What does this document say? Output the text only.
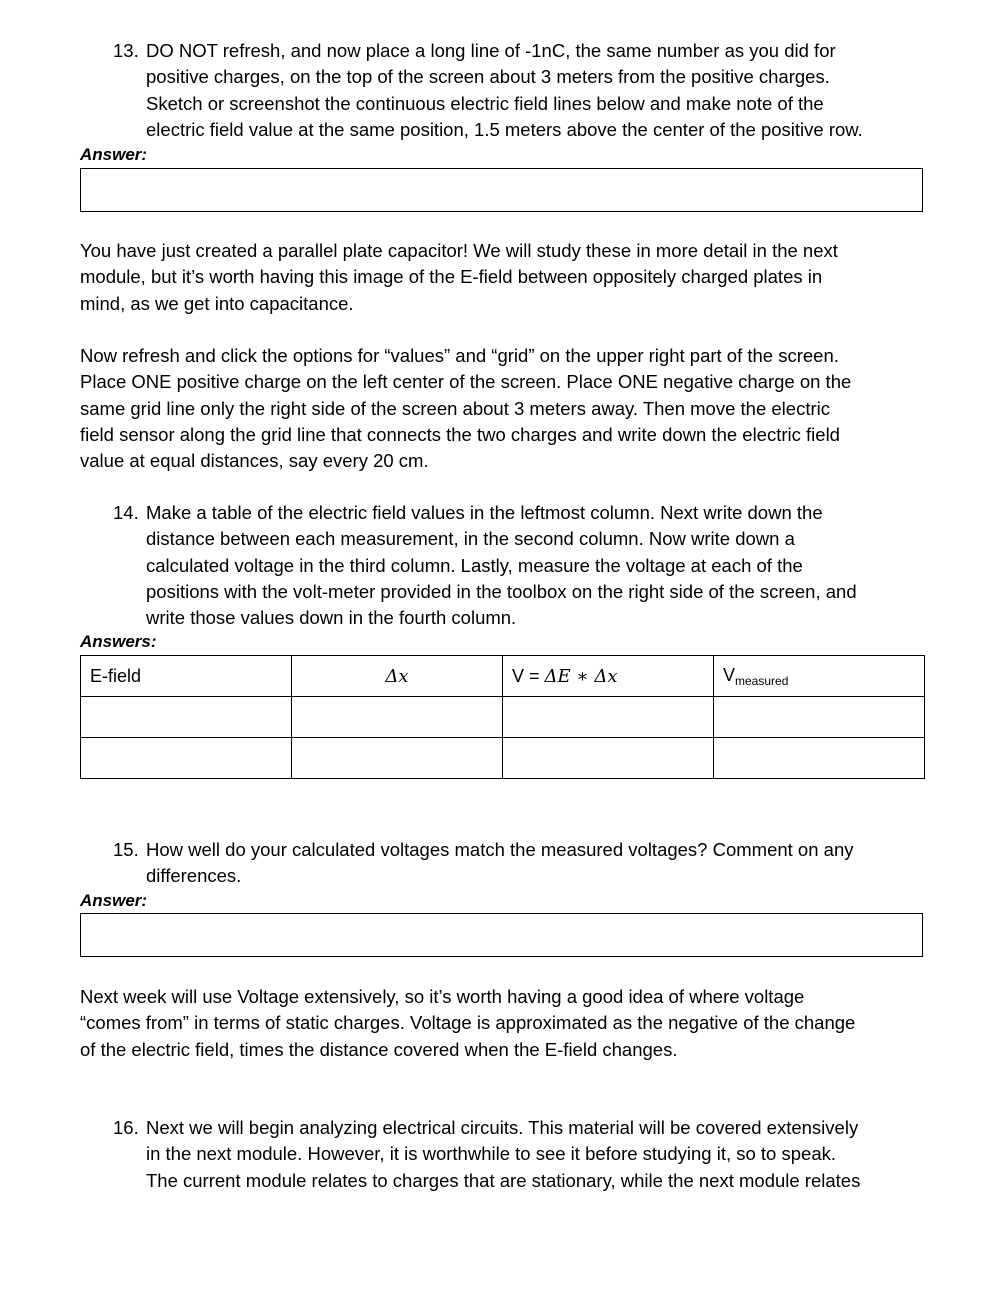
13. DO NOT refresh, and now place a long line of -1nC, the same number as you did for
positive charges, on the top of the screen about 3 meters from the positive charges.
Sketch or screenshot the continuous electric field lines below and make note of the
electric field value at the same position, 1.5 meters above the center of the positive row.
Answer:
You have just created a parallel plate capacitor! We will study these in more detail in the next
module, but it’s worth having this image of the E-field between oppositely charged plates in
mind, as we get into capacitance.
Now refresh and click the options for “values” and “grid” on the upper right part of the screen.
Place ONE positive charge on the left center of the screen. Place ONE negative charge on the
same grid line only the right side of the screen about 3 meters away. Then move the electric
field sensor along the grid line that connects the two charges and write down the electric field
value at equal distances, say every 20 cm.
14. Make a table of the electric field values in the leftmost column. Next write down the
distance between each measurement, in the second column. Now write down a
calculated voltage in the third column. Lastly, measure the voltage at each of the
positions with the volt-meter provided in the toolbox on the right side of the screen, and
write those values down in the fourth column.
Answers:
E-field	Δx	V = ΔE ∗ Δx	$V_{measured}$

15. How well do your calculated voltages match the measured voltages? Comment on any
differences.
Answer:
Next week will use Voltage extensively, so it’s worth having a good idea of where voltage
“comes from” in terms of static charges. Voltage is approximated as the negative of the change
of the electric field, times the distance covered when the E-field changes.
16. Next we will begin analyzing electrical circuits. This material will be covered extensively
in the next module. However, it is worthwhile to see it before studying it, so to speak.
The current module relates to charges that are stationary, while the next module relates
